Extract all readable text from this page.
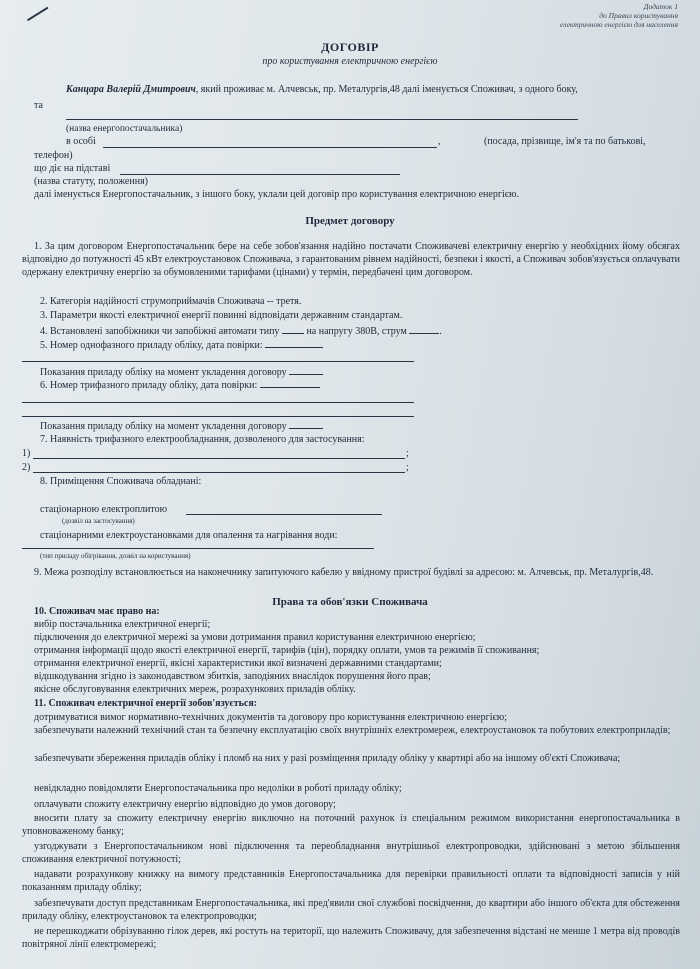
Додаток 1
до Правил користування
електричною енергією для населення
ДОГОВІР
про користування електричною енергією
Канцара Валерій Дмитрович, який проживає м. Алчевськ, пр. Металургів,48 далі іменується Споживач, з одного боку,
та
(назва енергопостачальника)
в особі	,	(посада, прізвище, ім'я та по батькові,
телефон)
що діє на підставі
(назва статуту, положення)
далі іменується Енергопостачальник, з іншого боку, уклали цей договір про користування електричною енергією.
Предмет договору
1. За цим договором Енергопостачальник бере на себе зобов'язання надійно постачати Споживачеві електричну енергію у необхідних йому обсягах відповідно до потужності 45 кВт електроустановок Споживача, з гарантованим рівнем надійності, безпеки і якості, а Споживач зобов'язується оплачувати одержану електричну енергію за обумовленими тарифами (цінами) у термін, передбачені цим договором.
2. Категорія надійності струмоприймачів Споживача -- третя.
3. Параметри якості електричної енергії повинні відповідати державним стандартам.
4. Встановлені запобіжники чи запобіжні автомати типу	на напругу 380В, струм	.
5. Номер однофазного приладу обліку, дата повірки:
Показання приладу обліку на момент укладення договору
6. Номер трифазного приладу обліку, дата повірки:
Показання приладу обліку на момент укладення договору
7. Наявність трифазного електрообладнання, дозволеного для застосування:
1)	;
2)	;
8. Приміщення Споживача обладнані:
стаціонарною електроплитою
(дозвіл на застосування)
стаціонарними електроустановками для опалення та нагрівання води:
(тип приладу обігрівання, дозвіл на користування)
9. Межа розподілу встановлюється на наконечнику запитуючого кабелю у ввідному пристрої будівлі за адресою: м. Алчевськ, пр. Металургів,48.
Права та обов'язки Споживача
10. Споживач має право на:
вибір постачальника електричної енергії;
підключення до електричної мережі за умови дотримання правил користування електричною енергією;
отримання інформації щодо якості електричної енергії, тарифів (цін), порядку оплати, умов та режимів її споживання;
отримання електричної енергії, якісні характеристики якої визначені державними стандартами;
відшкодування згідно із законодавством збитків, заподіяних внаслідок порушення його прав;
якісне обслуговування електричних мереж, розрахункових приладів обліку.
11. Споживач електричної енергії зобов'язується:
дотримуватися вимог нормативно-технічних документів та договору про користування електричною енергією;
забезпечувати належний технічний стан та безпечну експлуатацію своїх внутрішніх електромереж, електроустановок та побутових електроприладів;
забезпечувати збереження приладів обліку і пломб на них у разі розміщення приладу обліку у квартирі або на іншому об'єкті Споживача;
невідкладно повідомляти Енергопостачальника про недоліки в роботі приладу обліку;
оплачувати спожиту електричну енергію відповідно до умов договору;
вносити плату за спожиту електричну енергію виключно на поточний рахунок із спеціальним режимом використання енергопостачальника в уповноваженому банку;
узгоджувати з Енергопостачальником нові підключення та переобладнання внутрішньої електропроводки, здійснювані з метою збільшення споживання електричної потужності;
надавати розрахункову книжку на вимогу представників Енергопостачальника для перевірки правильності оплати та відповідності записів у ній показанням приладу обліку;
забезпечувати доступ представникам Енергопостачальника, які пред'явили свої службові посвідчення, до квартири або іншого об'єкта для обстеження приладу обліку, електроустановок та електропроводки;
не перешкоджати обрізуванню гілок дерев, які ростуть на території, що належить Споживачу, для забезпечення відстані не менше 1 метра від проводів повітряної лінії електромережі;
